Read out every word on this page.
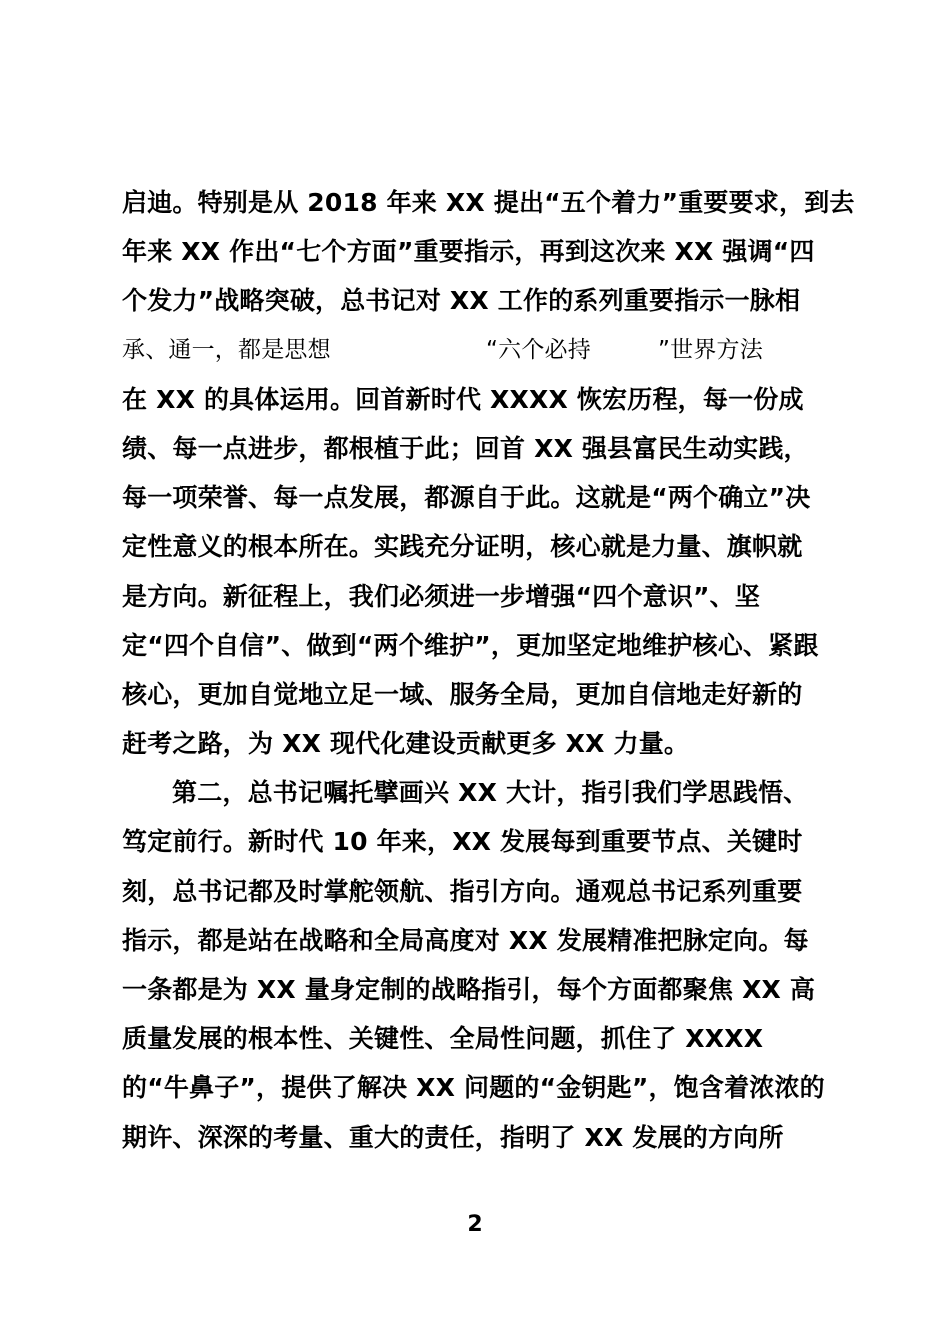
启迪。特别是从 2018 年来 XX 提出“五个着力”重要要求，到去
年来 XX 作出“七个方面”重要指示，再到这次来 XX 强调“四
个发力”战略突破，总书记对 XX 工作的系列重要指示一脉相
承、通一，都是思想	“六个必持	”世界方法
在 XX 的具体运用。回首新时代 XXXX 恢宏历程，每一份成
绩、每一点进步，都根植于此；回首 XX 强县富民生动实践，
每一项荣誉、每一点发展，都源自于此。这就是“两个确立”决
定性意义的根本所在。实践充分证明，核心就是力量、旗帜就
是方向。新征程上，我们必须进一步增强“四个意识”、坚
定“四个自信”、做到“两个维护”，更加坚定地维护核心、紧跟
核心，更加自觉地立足一域、服务全局，更加自信地走好新的
赶考之路，为 XX 现代化建设贡献更多 XX 力量。
第二，总书记嘱托擘画兴 XX 大计，指引我们学思践悟、
笃定前行。新时代 10 年来，XX 发展每到重要节点、关键时
刻，总书记都及时掌舵领航、指引方向。通观总书记系列重要
指示，都是站在战略和全局高度对 XX 发展精准把脉定向。每
一条都是为 XX 量身定制的战略指引，每个方面都聚焦 XX 高
质量发展的根本性、关键性、全局性问题，抓住了 XXXX
的“牛鼻子”，提供了解决 XX 问题的“金钥匙”，饱含着浓浓的
期许、深深的考量、重大的责任，指明了 XX 发展的方向所
2
